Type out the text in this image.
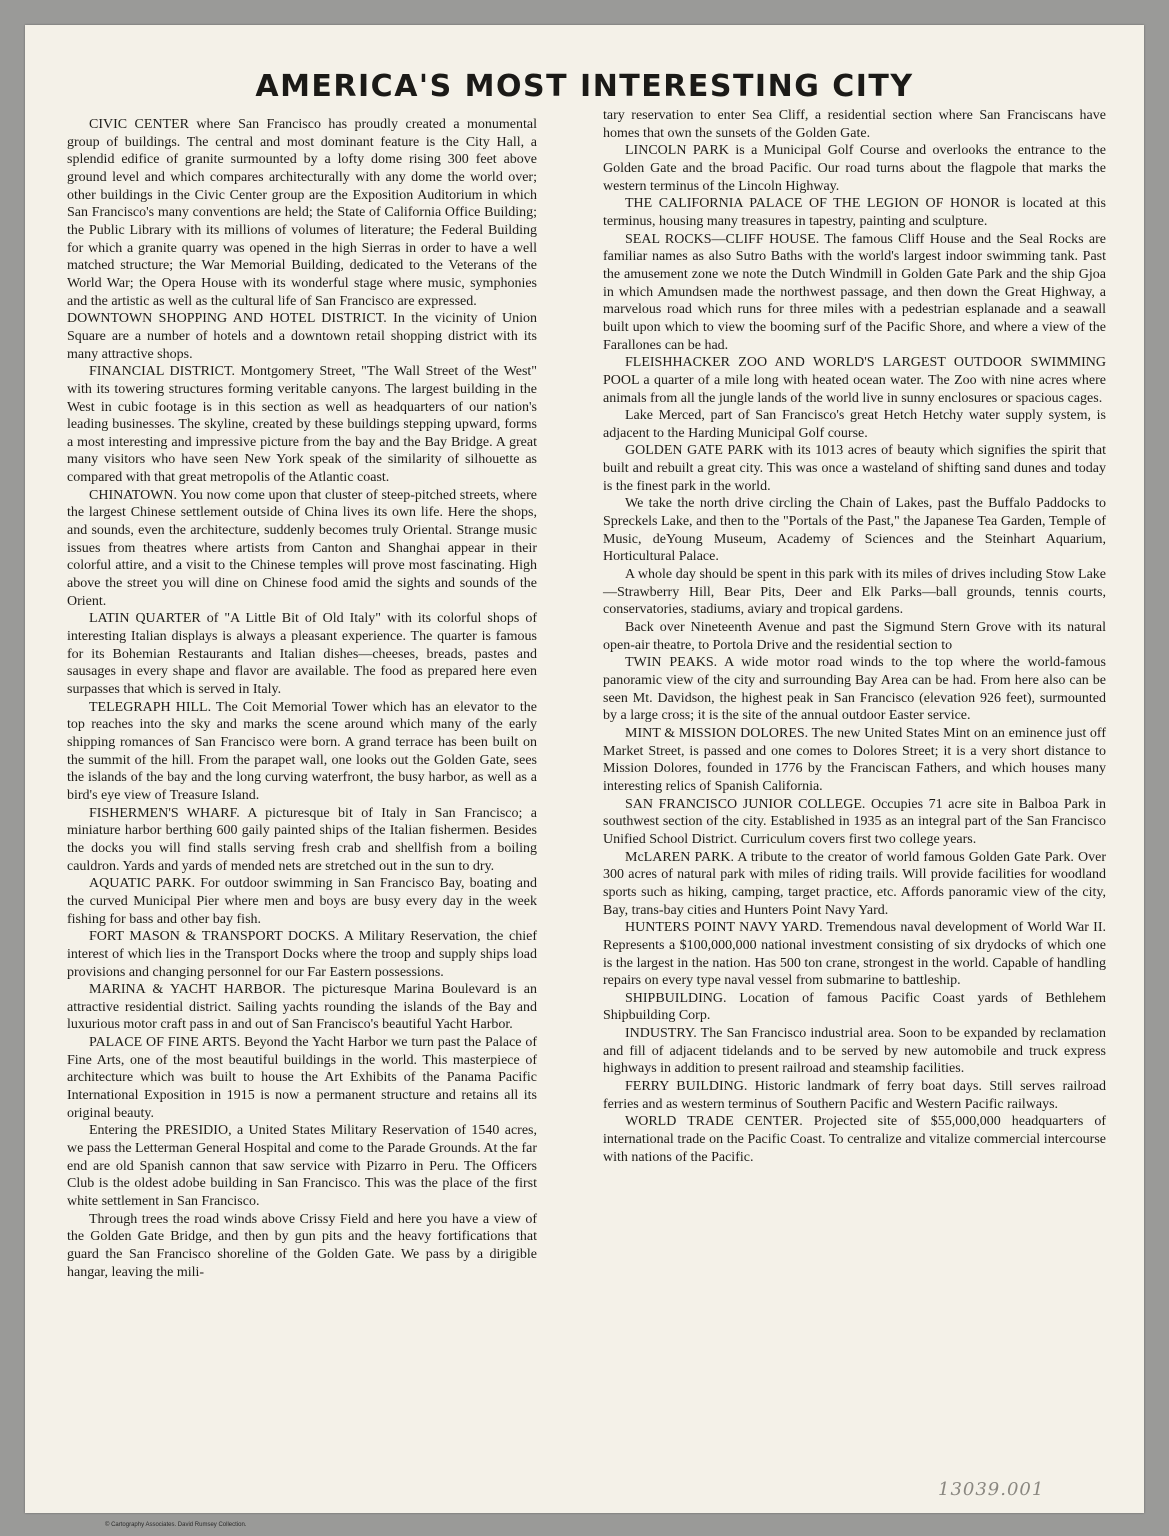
AMERICA'S MOST INTERESTING CITY

CIVIC CENTER where San Francisco has proudly created a monumental group of buildings. The central and most dominant feature is the City Hall, a splendid edifice of granite surmounted by a lofty dome rising 300 feet above ground level and which compares architecturally with any dome the world over; other buildings in the Civic Center group are the Exposition Auditorium in which San Francisco's many conventions are held; the State of California Office Building; the Public Library with its millions of volumes of literature; the Federal Building for which a granite quarry was opened in the high Sierras in order to have a well matched structure; the War Memorial Building, dedicated to the Veterans of the World War; the Opera House with its wonderful stage where music, symphonies and the artistic as well as the cultural life of San Francisco are expressed.

DOWNTOWN SHOPPING AND HOTEL DISTRICT. In the vicinity of Union Square are a number of hotels and a downtown retail shopping district with its many attractive shops.

FINANCIAL DISTRICT. Montgomery Street, "The Wall Street of the West" with its towering structures forming veritable canyons. The largest building in the West in cubic footage is in this section as well as headquarters of our nation's leading businesses. The skyline, created by these buildings stepping upward, forms a most interesting and impressive picture from the bay and the Bay Bridge. A great many visitors who have seen New York speak of the similarity of silhouette as compared with that great metropolis of the Atlantic coast.

CHINATOWN. You now come upon that cluster of steep-pitched streets, where the largest Chinese settlement outside of China lives its own life. Here the shops, and sounds, even the architecture, suddenly becomes truly Oriental. Strange music issues from theatres where artists from Canton and Shanghai appear in their colorful attire, and a visit to the Chinese temples will prove most fascinating. High above the street you will dine on Chinese food amid the sights and sounds of the Orient.

LATIN QUARTER of "A Little Bit of Old Italy" with its colorful shops of interesting Italian displays is always a pleasant experience. The quarter is famous for its Bohemian Restaurants and Italian dishes—cheeses, breads, pastes and sausages in every shape and flavor are available. The food as prepared here even surpasses that which is served in Italy.

TELEGRAPH HILL. The Coit Memorial Tower which has an elevator to the top reaches into the sky and marks the scene around which many of the early shipping romances of San Francisco were born. A grand terrace has been built on the summit of the hill. From the parapet wall, one looks out the Golden Gate, sees the islands of the bay and the long curving waterfront, the busy harbor, as well as a bird's eye view of Treasure Island.

FISHERMEN'S WHARF. A picturesque bit of Italy in San Francisco; a miniature harbor berthing 600 gaily painted ships of the Italian fishermen. Besides the docks you will find stalls serving fresh crab and shellfish from a boiling cauldron. Yards and yards of mended nets are stretched out in the sun to dry.

AQUATIC PARK. For outdoor swimming in San Francisco Bay, boating and the curved Municipal Pier where men and boys are busy every day in the week fishing for bass and other bay fish.

FORT MASON & TRANSPORT DOCKS. A Military Reservation, the chief interest of which lies in the Transport Docks where the troop and supply ships load provisions and changing personnel for our Far Eastern possessions.

MARINA & YACHT HARBOR. The picturesque Marina Boulevard is an attractive residential district. Sailing yachts rounding the islands of the Bay and luxurious motor craft pass in and out of San Francisco's beautiful Yacht Harbor.

PALACE OF FINE ARTS. Beyond the Yacht Harbor we turn past the Palace of Fine Arts, one of the most beautiful buildings in the world. This masterpiece of architecture which was built to house the Art Exhibits of the Panama Pacific International Exposition in 1915 is now a permanent structure and retains all its original beauty.

Entering the PRESIDIO, a United States Military Reservation of 1540 acres, we pass the Letterman General Hospital and come to the Parade Grounds. At the far end are old Spanish cannon that saw service with Pizarro in Peru. The Officers Club is the oldest adobe building in San Francisco. This was the place of the first white settlement in San Francisco.

Through trees the road winds above Crissy Field and here you have a view of the Golden Gate Bridge, and then by gun pits and the heavy fortifications that guard the San Francisco shoreline of the Golden Gate. We pass by a dirigible hangar, leaving the mili-

tary reservation to enter Sea Cliff, a residential section where San Franciscans have homes that own the sunsets of the Golden Gate.

LINCOLN PARK is a Municipal Golf Course and overlooks the entrance to the Golden Gate and the broad Pacific. Our road turns about the flagpole that marks the western terminus of the Lincoln Highway.

THE CALIFORNIA PALACE OF THE LEGION OF HONOR is located at this terminus, housing many treasures in tapestry, painting and sculpture.

SEAL ROCKS—CLIFF HOUSE. The famous Cliff House and the Seal Rocks are familiar names as also Sutro Baths with the world's largest indoor swimming tank. Past the amusement zone we note the Dutch Windmill in Golden Gate Park and the ship Gjoa in which Amundsen made the northwest passage, and then down the Great Highway, a marvelous road which runs for three miles with a pedestrian esplanade and a seawall built upon which to view the booming surf of the Pacific Shore, and where a view of the Farallones can be had.

FLEISHHACKER ZOO AND WORLD'S LARGEST OUTDOOR SWIMMING POOL a quarter of a mile long with heated ocean water. The Zoo with nine acres where animals from all the jungle lands of the world live in sunny enclosures or spacious cages.

Lake Merced, part of San Francisco's great Hetch Hetchy water supply system, is adjacent to the Harding Municipal Golf course.

GOLDEN GATE PARK with its 1013 acres of beauty which signifies the spirit that built and rebuilt a great city. This was once a wasteland of shifting sand dunes and today is the finest park in the world.

We take the north drive circling the Chain of Lakes, past the Buffalo Paddocks to Spreckels Lake, and then to the "Portals of the Past," the Japanese Tea Garden, Temple of Music, deYoung Museum, Academy of Sciences and the Steinhart Aquarium, Horticultural Palace.

A whole day should be spent in this park with its miles of drives including Stow Lake—Strawberry Hill, Bear Pits, Deer and Elk Parks—ball grounds, tennis courts, conservatories, stadiums, aviary and tropical gardens.

Back over Nineteenth Avenue and past the Sigmund Stern Grove with its natural open-air theatre, to Portola Drive and the residential section to

TWIN PEAKS. A wide motor road winds to the top where the world-famous panoramic view of the city and surrounding Bay Area can be had. From here also can be seen Mt. Davidson, the highest peak in San Francisco (elevation 926 feet), surmounted by a large cross; it is the site of the annual outdoor Easter service.

MINT & MISSION DOLORES. The new United States Mint on an eminence just off Market Street, is passed and one comes to Dolores Street; it is a very short distance to Mission Dolores, founded in 1776 by the Franciscan Fathers, and which houses many interesting relics of Spanish California.

SAN FRANCISCO JUNIOR COLLEGE. Occupies 71 acre site in Balboa Park in southwest section of the city. Established in 1935 as an integral part of the San Francisco Unified School District. Curriculum covers first two college years.

McLAREN PARK. A tribute to the creator of world famous Golden Gate Park. Over 300 acres of natural park with miles of riding trails. Will provide facilities for woodland sports such as hiking, camping, target practice, etc. Affords panoramic view of the city, Bay, trans-bay cities and Hunters Point Navy Yard.

HUNTERS POINT NAVY YARD. Tremendous naval development of World War II. Represents a $100,000,000 national investment consisting of six drydocks of which one is the largest in the nation. Has 500 ton crane, strongest in the world. Capable of handling repairs on every type naval vessel from submarine to battleship.

SHIPBUILDING. Location of famous Pacific Coast yards of Bethlehem Shipbuilding Corp.

INDUSTRY. The San Francisco industrial area. Soon to be expanded by reclamation and fill of adjacent tidelands and to be served by new automobile and truck express highways in addition to present railroad and steamship facilities.

FERRY BUILDING. Historic landmark of ferry boat days. Still serves railroad ferries and as western terminus of Southern Pacific and Western Pacific railways.

WORLD TRADE CENTER. Projected site of $55,000,000 headquarters of international trade on the Pacific Coast. To centralize and vitalize commercial intercourse with nations of the Pacific.

13039.001
© Cartography Associates. David Rumsey Collection.
